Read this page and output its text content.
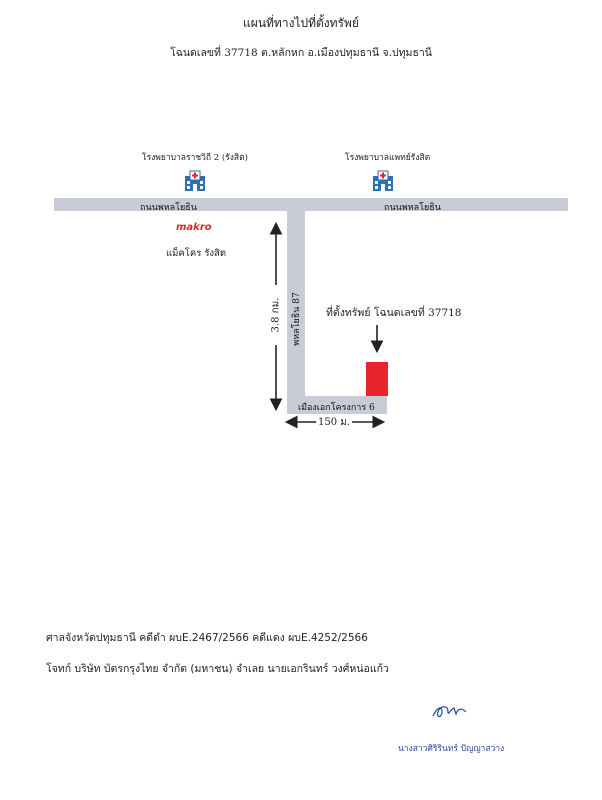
แผนที่ทางไปที่ตั้งทรัพย์
โฉนดเลขที่ 37718 ต.หลักหก อ.เมืองปทุมธานี จ.ปทุมธานี
โรงพยาบาลราชวิถี 2 (รังสิต)	โรงพยาบาลแพทย์รังสิต
ถนนพหลโยธิน	ถนนพหลโยธิน
makro
แม็คโคร รังสิต
พหลโยธิน 87
เมืองเอกโครงการ 6
ที่ตั้งทรัพย์ โฉนดเลขที่ 37718
3.8 กม.
150 ม.
ศาลจังหวัดปทุมธานี คดีดำ ผบE.2467/2566 คดีแดง ผบE.4252/2566
โจทก์ บริษัท บัตรกรุงไทย จำกัด (มหาชน) จำเลย นายเอกรินทร์ วงศ์หน่อแก้ว
นางสาวศิริรินทร์ ปัญญาสว่าง
